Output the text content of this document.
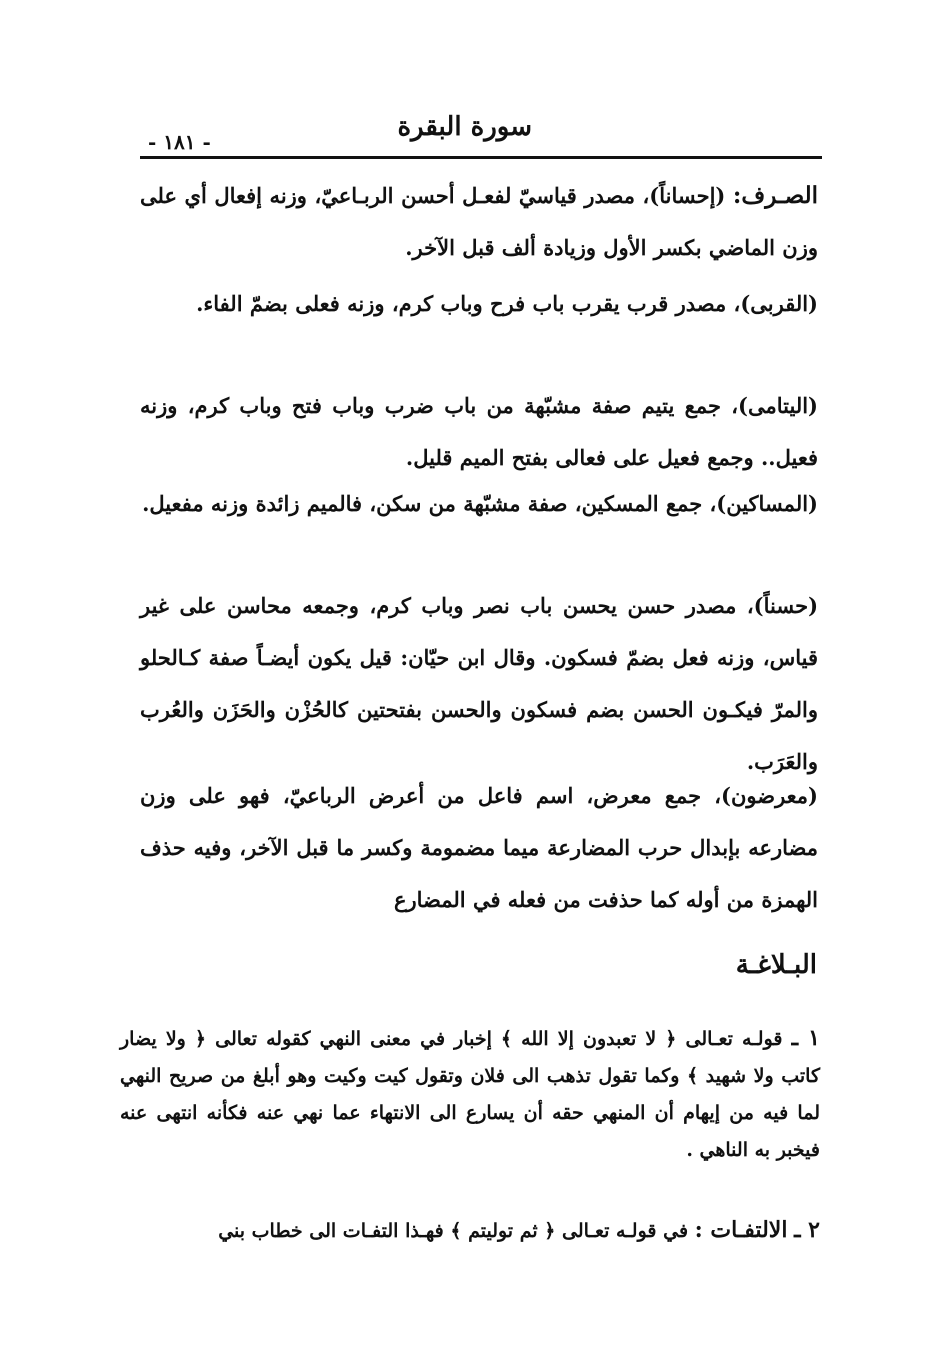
سورة البقرة
- ١٨١ -
الصـرف: (إحساناً)، مصدر قياسيّ لفعـل أحسن الربـاعيّ، وزنه إفعال أي على وزن الماضي بكسر الأول وزيادة ألف قبل الآخر.
(القربى)، مصدر قرب يقرب باب فرح وباب كرم، وزنه فعلى بضمّ الفاء.
(اليتامى)، جمع يتيم صفة مشبّهة من باب ضرب وباب فتح وباب كرم، وزنه فعيل.. وجمع فعيل على فعالى بفتح الميم قليل.
(المساكين)، جمع المسكين، صفة مشبّهة من سكن، فالميم زائدة وزنه مفعيل.
(حسناً)، مصدر حسن يحسن باب نصر وباب كرم، وجمعه محاسن على غير قياس، وزنه فعل بضمّ فسكون. وقال ابن حيّان: قيل يكون أيضـاً صفة كـالحلو والمرّ فيكـون الحسن بضم فسكون والحسن بفتحتين كالحُزْن والحَزَن والعُرب والعَرَب.
(معرضون)، جمع معرض، اسم فاعل من أعرض الرباعيّ، فهو على وزن مضارعه بإبدال حرب المضارعة ميما مضمومة وكسر ما قبل الآخر، وفيه حذف الهمزة من أوله كما حذفت من فعله في المضارع
البـلاغـة
١ ـ قولـه تعـالى ﴿ لا تعبدون إلا الله ﴾ إخبار في معنى النهي كقوله تعالى ﴿ ولا يضار كاتب ولا شهيد ﴾ وكما تقول تذهب الى فلان وتقول كيت وكيت وهو أبلغ من صريح النهي لما فيه من إيهام أن المنهي حقه أن يسارع الى الانتهاء عما نهي عنه فكأنه انتهى عنه فيخبر به الناهي .
٢ ـ الالتفـات : في قولـه تعـالى ﴿ ثم توليتم ﴾ فهـذا التفـات الى خطاب بني
